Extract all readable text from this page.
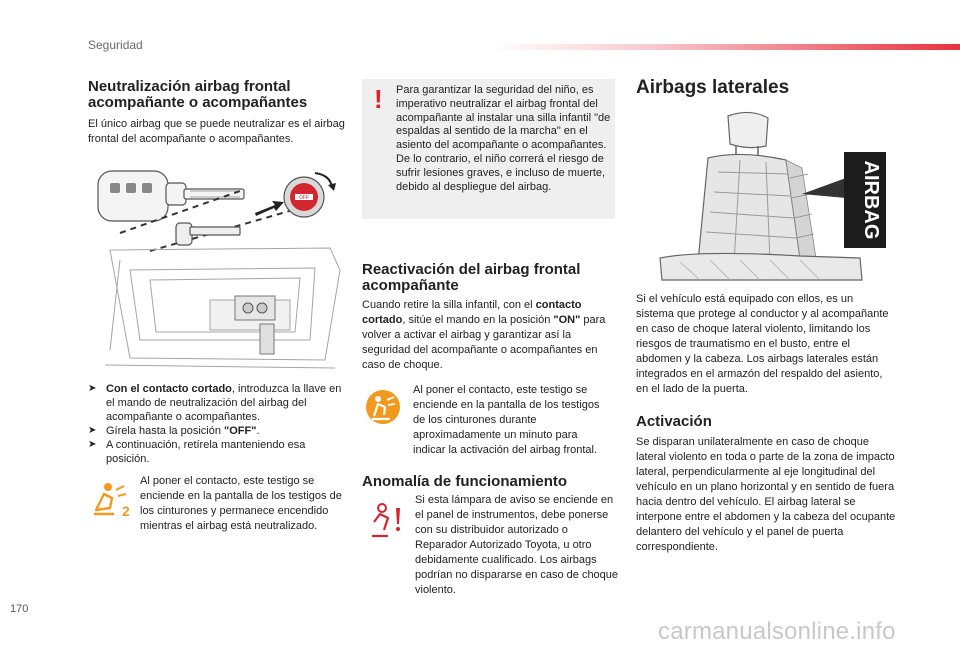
Seguridad
Neutralización airbag frontal acompañante o acompañantes

El único airbag que se puede neutralizar es el airbag frontal del acompañante o acompañantes.

OFF
➤ Con el contacto cortado, introduzca la llave en el mando de neutralización del airbag del acompañante o acompañantes.
➤ Gírela hasta la posición "OFF".
➤ A continuación, retírela manteniendo esa posición.
2

Al poner el contacto, este testigo se enciende en la pantalla de los testigos de los cinturones y permanece encendido mientras el airbag está neutralizado.

! Para garantizar la seguridad del niño, es imperativo neutralizar el airbag frontal del acompañante al instalar una silla infantil "de espaldas al sentido de la marcha" en el asiento del acompañante o acompañantes. De lo contrario, el niño correrá el riesgo de sufrir lesiones graves, e incluso de muerte, debido al despliegue del airbag.

Reactivación del airbag frontal acompañante

Cuando retire la silla infantil, con el contacto cortado, sitúe el mando en la posición "ON" para volver a activar el airbag y garantizar así la seguridad del acompañante o acompañantes en caso de choque.

Al poner el contacto, este testigo se enciende en la pantalla de los testigos de los cinturones durante aproximadamente un minuto para indicar la activación del airbag frontal.

Anomalía de funcionamiento

Si esta lámpara de aviso se enciende en el panel de instrumentos, debe ponerse con su distribuidor autorizado o Reparador Autorizado Toyota, u otro debidamente cualificado. Los airbags podrían no dispararse en caso de choque violento.

Airbags laterales
AIRBAG

Si el vehículo está equipado con ellos, es un sistema que protege al conductor y al acompañante en caso de choque lateral violento, limitando los riesgos de traumatismo en el busto, entre el abdomen y la cabeza. Los airbags laterales están integrados en el armazón del respaldo del asiento, en el lado de la puerta.

Activación

Se disparan unilateralmente en caso de choque lateral violento en toda o parte de la zona de impacto lateral, perpendicularmente al eje longitudinal del vehículo en un plano horizontal y en sentido de fuera hacia dentro del vehículo. El airbag lateral se interpone entre el abdomen y la cabeza del ocupante delantero del vehículo y el panel de puerta correspondiente.

170
carmanualsonline.info
